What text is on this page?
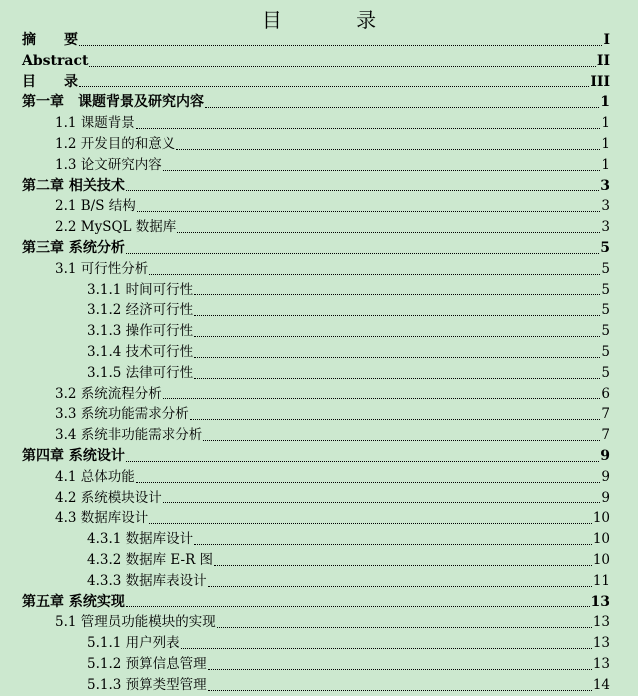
目 录
摘　　要	I
Abstract	II
目　　录	III
第一章　课题背景及研究内容	1
1.1 课题背景	1
1.2 开发目的和意义	1
1.3 论文研究内容	1
第二章 相关技术	3
2.1 B/S 结构	3
2.2 MySQL 数据库	3
第三章 系统分析	5
3.1 可行性分析	5
3.1.1 时间可行性	5
3.1.2 经济可行性	5
3.1.3 操作可行性	5
3.1.4 技术可行性	5
3.1.5 法律可行性	5
3.2 系统流程分析	6
3.3 系统功能需求分析	7
3.4 系统非功能需求分析	7
第四章 系统设计	9
4.1 总体功能	9
4.2 系统模块设计	9
4.3 数据库设计	10
4.3.1 数据库设计	10
4.3.2 数据库 E-R 图	10
4.3.3 数据库表设计	11
第五章 系统实现	13
5.1 管理员功能模块的实现	13
5.1.1 用户列表	13
5.1.2 预算信息管理	13
5.1.3 预算类型管理	14
